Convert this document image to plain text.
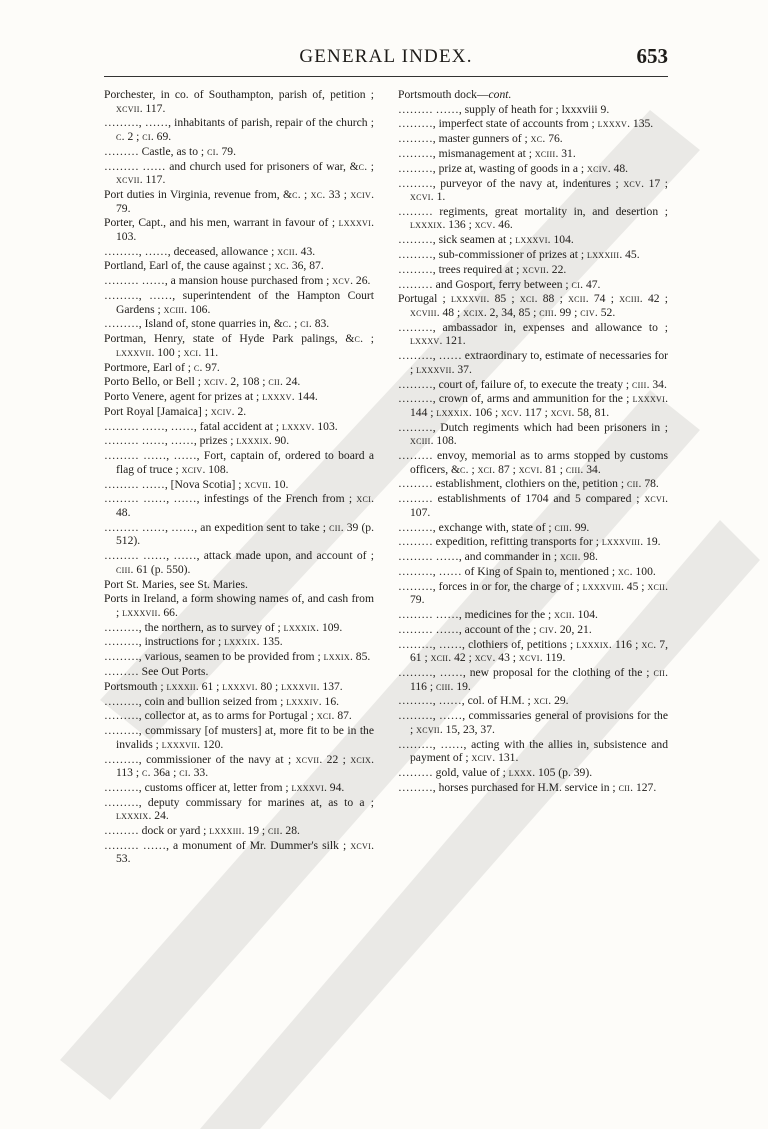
GENERAL INDEX.	653
Porchester, in co. of Southampton, parish of, petition ; xcvii. 117.
………, ……, inhabitants of parish, repair of the church ; c. 2 ; ci. 69.
……… Castle, as to ; ci. 79.
……… …… and church used for prisoners of war, &c. ; xcvii. 117.
Port duties in Virginia, revenue from, &c. ; xc. 33 ; xciv. 79.
Porter, Capt., and his men, warrant in favour of ; lxxxvi. 103.
………, ……, deceased, allowance ; xcii. 43.
Portland, Earl of, the cause against ; xc. 36, 87.
……… ……, a mansion house purchased from ; xcv. 26.
………, ……, superintendent of the Hampton Court Gardens ; xciii. 106.
………, Island of, stone quarries in, &c. ; ci. 83.
Portman, Henry, state of Hyde Park palings, &c. ; lxxxvii. 100 ; xci. 11.
Portmore, Earl of ; c. 97.
Porto Bello, or Bell ; xciv. 2, 108 ; cii. 24.
Porto Venere, agent for prizes at ; lxxxv. 144.
Port Royal [Jamaica] ; xciv. 2.
……… ……, ……, fatal accident at ; lxxxv. 103.
……… ……, ……, prizes ; lxxxix. 90.
……… ……, ……, Fort, captain of, ordered to board a flag of truce ; xciv. 108.
……… ……, [Nova Scotia] ; xcvii. 10.
……… ……, ……, infestings of the French from ; xci. 48.
……… ……, ……, an expedition sent to take ; cii. 39 (p. 512).
……… ……, ……, attack made upon, and account of ; ciii. 61 (p. 550).
Port St. Maries, see St. Maries.
Ports in Ireland, a form showing names of, and cash from ; lxxxvii. 66.
………, the northern, as to survey of ; lxxxix. 109.
………, instructions for ; lxxxix. 135.
………, various, seamen to be provided from ; lxxix. 85.
……… See Out Ports.
Portsmouth ; lxxxii. 61 ; lxxxvi. 80 ; lxxxvii. 137.
………, coin and bullion seized from ; lxxxiv. 16.
………, collector at, as to arms for Portugal ; xci. 87.
………, commissary [of musters] at, more fit to be in the invalids ; lxxxvii. 120.
………, commissioner of the navy at ; xcvii. 22 ; xcix. 113 ; c. 36a ; ci. 33.
………, customs officer at, letter from ; lxxxvi. 94.
………, deputy commissary for marines at, as to a ; lxxxix. 24.
……… dock or yard ; lxxxiii. 19 ; cii. 28.
……… ……, a monument of Mr. Dummer's silk ; xcvi. 53.
Portsmouth dock—cont.
……… ……, supply of heath for ; lxxxviii 9.
………, imperfect state of accounts from ; lxxxv. 135.
………, master gunners of ; xc. 76.
………, mismanagement at ; xciii. 31.
………, prize at, wasting of goods in a ; xciv. 48.
………, purveyor of the navy at, indentures ; xcv. 17 ; xcvi. 1.
……… regiments, great mortality in, and desertion ; lxxxix. 136 ; xcv. 46.
………, sick seamen at ; lxxxvi. 104.
………, sub-commissioner of prizes at ; lxxxiii. 45.
………, trees required at ; xcvii. 22.
……… and Gosport, ferry between ; ci. 47.
Portugal ; lxxxvii. 85 ; xci. 88 ; xcii. 74 ; xciii. 42 ; xcviii. 48 ; xcix. 2, 34, 85 ; ciii. 99 ; civ. 52.
………, ambassador in, expenses and allowance to ; lxxxv. 121.
………, …… extraordinary to, estimate of necessaries for ; lxxxvii. 37.
………, court of, failure of, to execute the treaty ; ciii. 34.
………, crown of, arms and ammunition for the ; lxxxvi. 144 ; lxxxix. 106 ; xcv. 117 ; xcvi. 58, 81.
………, Dutch regiments which had been prisoners in ; xciii. 108.
……… envoy, memorial as to arms stopped by customs officers, &c. ; xci. 87 ; xcvi. 81 ; ciii. 34.
……… establishment, clothiers on the, petition ; cii. 78.
……… establishments of 1704 and 5 compared ; xcvi. 107.
………, exchange with, state of ; ciii. 99.
……… expedition, refitting transports for ; lxxxviii. 19.
……… ……, and commander in ; xcii. 98.
………, …… of King of Spain to, mentioned ; xc. 100.
………, forces in or for, the charge of ; lxxxviii. 45 ; xcii. 79.
……… ……, medicines for the ; xcii. 104.
……… ……, account of the ; civ. 20, 21.
………, ……, clothiers of, petitions ; lxxxix. 116 ; xc. 7, 61 ; xcii. 42 ; xcv. 43 ; xcvi. 119.
………, ……, new proposal for the clothing of the ; cii. 116 ; ciii. 19.
………, ……, col. of H.M. ; xci. 29.
………, ……, commissaries general of provisions for the ; xcvii. 15, 23, 37.
………, ……, acting with the allies in, subsistence and payment of ; xciv. 131.
……… gold, value of ; lxxx. 105 (p. 39).
………, horses purchased for H.M. service in ; cii. 127.
